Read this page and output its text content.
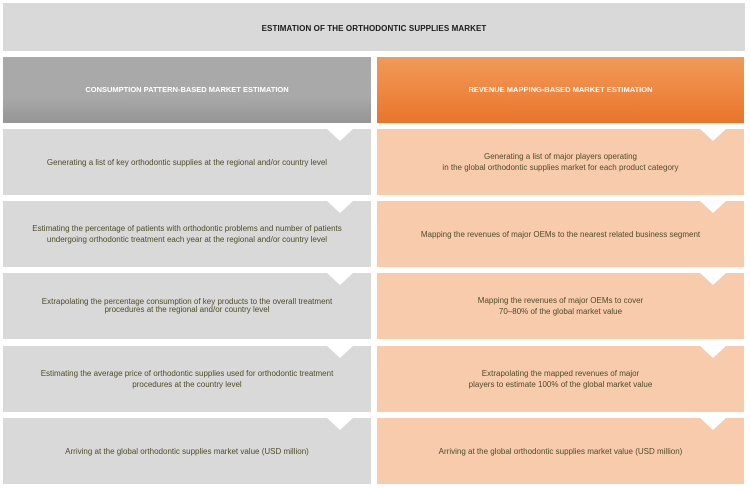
ESTIMATION OF THE ORTHODONTIC SUPPLIES MARKET
CONSUMPTION PATTERN-BASED MARKET ESTIMATION	REVENUE MAPPING-BASED MARKET ESTIMATION
Generating a list of key orthodontic supplies at the regional and/or country level
Estimating the percentage of patients with orthodontic problems and number of patients
undergoing orthodontic treatment each year at the regional and/or country level
Extrapolating the percentage consumption of key products to the overall treatment
procedures at the regional and/or country level
Estimating the average price of orthodontic supplies used for orthodontic treatment
procedures at the country level
Arriving at the global orthodontic supplies market value (USD million)
Generating a list of major players operating
in the global orthodontic supplies market for each product category
Mapping the revenues of major OEMs to the nearest related business segment
Mapping the revenues of major OEMs to cover
70–80% of the global market value
Extrapolating the mapped revenues of major
players to estimate 100% of the global market value
Arriving at the global orthodontic supplies market value (USD million)
